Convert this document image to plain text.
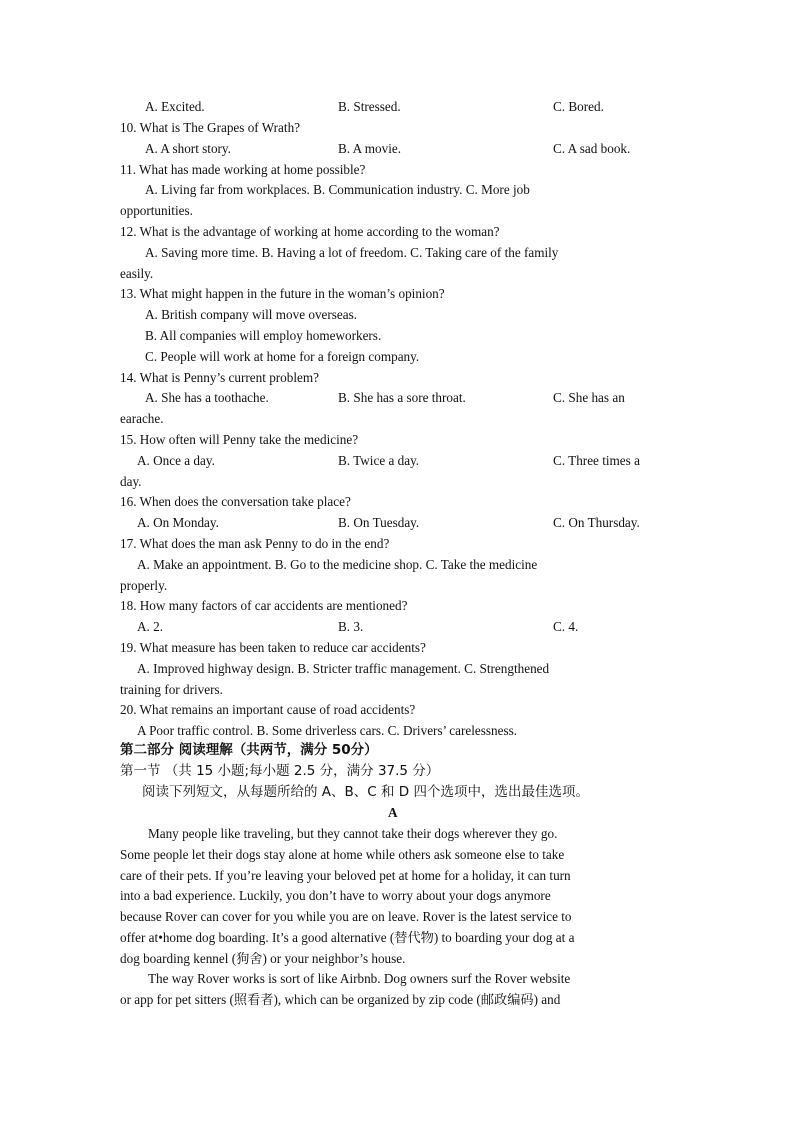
A. Excited.	B. Stressed.	C. Bored.
10. What is The Grapes of Wrath?
A. A short story.	B. A movie.	C. A sad book.
11. What has made working at home possible?
A. Living far from workplaces. B. Communication industry. C. More job
opportunities.
12. What is the advantage of working at home according to the woman?
A. Saving more time. B. Having a lot of freedom. C. Taking care of the family
easily.
13. What might happen in the future in the woman’s opinion?
A. British company will move overseas.
B. All companies will employ homeworkers.
C. People will work at home for a foreign company.
14. What is Penny’s current problem?
A. She has a toothache.	B. She has a sore throat.	C. She has an
earache.
15. How often will Penny take the medicine?
A. Once a day.	B. Twice a day.	C. Three times a
day.
16. When does the conversation take place?
A. On Monday.	B. On Tuesday.	C. On Thursday.
17. What does the man ask Penny to do in the end?
A. Make an appointment. B. Go to the medicine shop. C. Take the medicine
properly.
18. How many factors of car accidents are mentioned?
A. 2.	B. 3.	C. 4.
19. What measure has been taken to reduce car accidents?
A. Improved highway design. B. Stricter traffic management. C. Strengthened
training for drivers.
20. What remains an important cause of road accidents?
A Poor traffic control. B. Some driverless cars. C. Drivers’ carelessness.
第二部分 阅读理解（共两节，满分 50分）
第一节 （共 15 小题;每小题 2.5 分，满分 37.5 分）
阅读下列短文，从每题所给的 A、B、C 和 D 四个选项中，选出最佳选项。
A
Many people like traveling, but they cannot take their dogs wherever they go.
Some people let their dogs stay alone at home while others ask someone else to take
care of their pets. If you’re leaving your beloved pet at home for a holiday, it can turn
into a bad experience. Luckily, you don’t have to worry about your dogs anymore
because Rover can cover for you while you are on leave. Rover is the latest service to
offer at•home dog boarding. It’s a good alternative (替代物) to boarding your dog at a
dog boarding kennel (狗舍) or your neighbor’s house.
The way Rover works is sort of like Airbnb. Dog owners surf the Rover website
or app for pet sitters (照看者), which can be organized by zip code (邮政编码) and
